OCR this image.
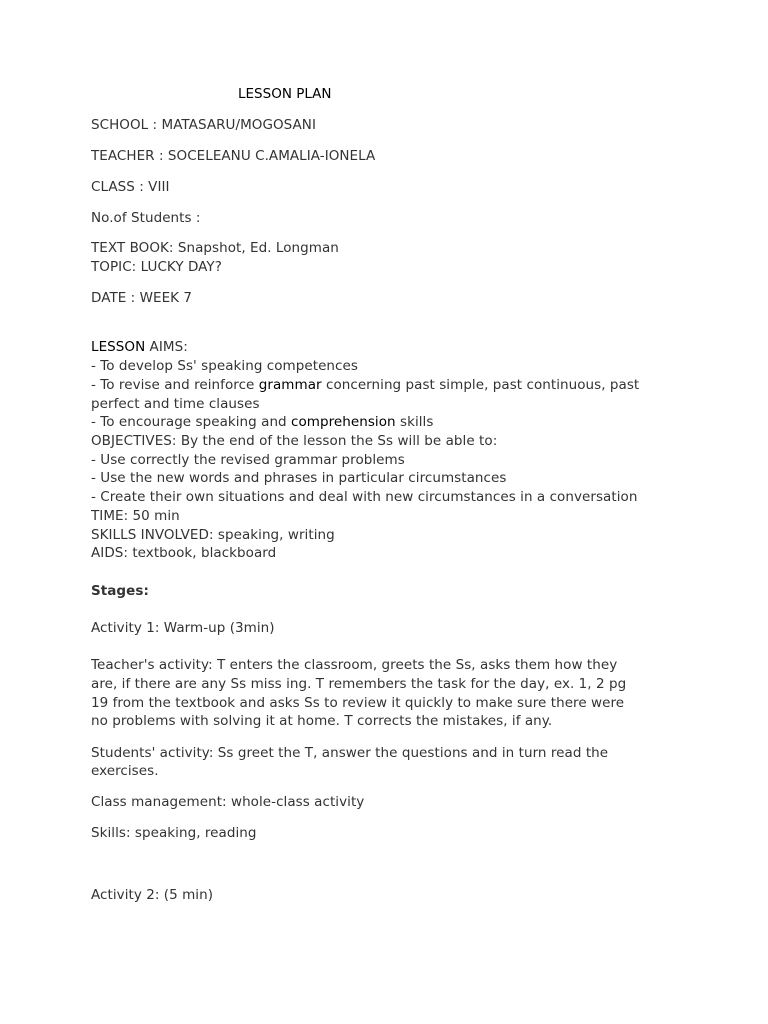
LESSON PLAN
SCHOOL : MATASARU/MOGOSANI
TEACHER : SOCELEANU C.AMALIA-IONELA
CLASS : VIII
No.of Students :
TEXT BOOK: Snapshot, Ed. Longman
TOPIC: LUCKY DAY?
DATE : WEEK 7
LESSON AIMS:
- To develop Ss' speaking competences
- To revise and reinforce grammar concerning past simple, past continuous, past
perfect and time clauses
- To encourage speaking and comprehension skills
OBJECTIVES: By the end of the lesson the Ss will be able to:
- Use correctly the revised grammar problems
- Use the new words and phrases in particular circumstances
- Create their own situations and deal with new circumstances in a conversation
TIME: 50 min
SKILLS INVOLVED: speaking, writing
AIDS: textbook, blackboard
Stages:
Activity 1: Warm-up (3min)
Teacher's activity: T enters the classroom, greets the Ss, asks them how they
are, if there are any Ss miss ing. T remembers the task for the day, ex. 1, 2 pg
19 from the textbook and asks Ss to review it quickly to make sure there were
no problems with solving it at home. T corrects the mistakes, if any.
Students' activity: Ss greet the T, answer the questions and in turn read the
exercises.
Class management: whole-class activity
Skills: speaking, reading
Activity 2: (5 min)
